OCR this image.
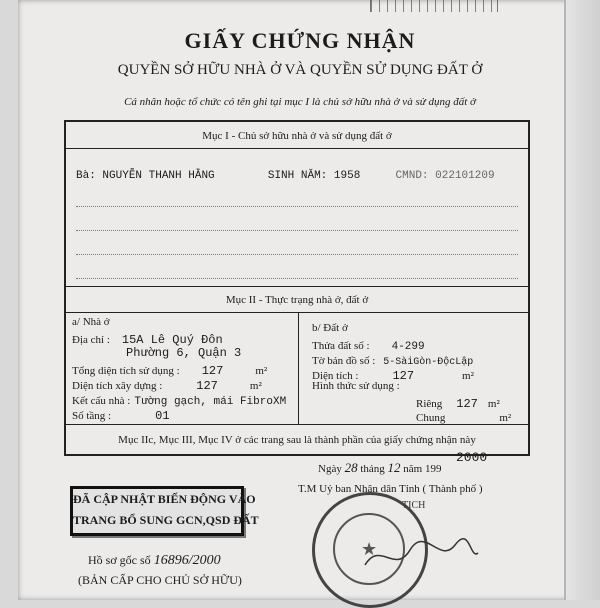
GIẤY CHỨNG NHẬN
QUYỀN SỞ HỮU NHÀ Ở VÀ QUYỀN SỬ DỤNG ĐẤT Ở
Cá nhân hoặc tổ chức có tên ghi tại mục I là chủ sở hữu nhà ở và sử dụng đất ở
Mục I - Chủ sở hữu nhà ở và sử dụng đất ở
Bà: NGUYỄN THANH HẰNG	SINH NĂM: 1958	CMND: 022101209
Mục II - Thực trạng nhà ở, đất ở
a/ Nhà ở
Địa chỉ : 15A Lê Quý Đôn
Phường 6, Quận 3
Tổng diện tích sử dụng : 127	m²
Diện tích xây dựng :	127	m²
Kết cấu nhà : Tường gạch, mái FibroXM
Số tầng :	01
b/ Đất ở
Thửa đất số : 4-299
Tờ bản đồ số : 5-SàiGòn-ĐộcLập
Diện tích :	127	m²
Hình thức sử dụng :
Riêng 127 m²
Chung	m²
Mục IIc, Mục III, Mục IV ở các trang sau là thành phần của giấy chứng nhận này
Ngày 28 tháng 12 năm 199
2000
T.M Uỷ ban Nhân dân Tỉnh ( Thành phố )
ĐÃ CẬP NHẬT BIẾN ĐỘNG VÀO
TRANG BỔ SUNG GCN,QSD ĐẤT
Hồ sơ gốc số 16896/2000
(BẢN CẤP CHO CHỦ SỞ HỮU)
★
TỊCH
